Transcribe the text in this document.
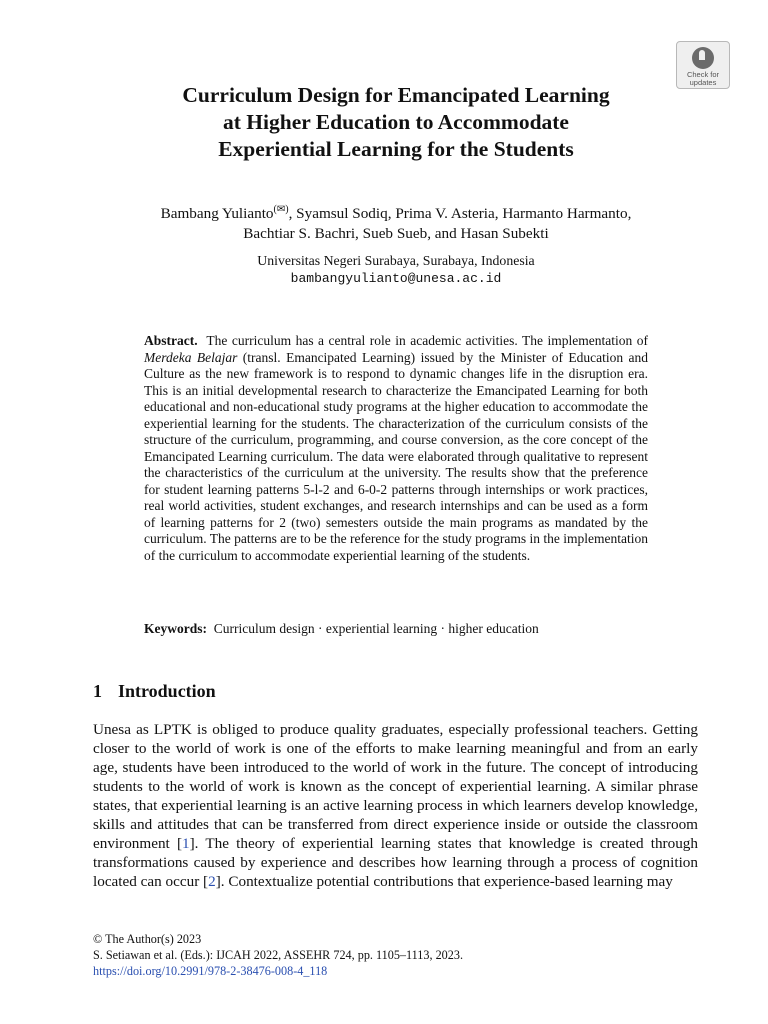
Check for
updates
Curriculum Design for Emancipated Learning
at Higher Education to Accommodate
Experiential Learning for the Students
Bambang Yulianto(✉), Syamsul Sodiq, Prima V. Asteria, Harmanto Harmanto,
Bachtiar S. Bachri, Sueb Sueb, and Hasan Subekti
Universitas Negeri Surabaya, Surabaya, Indonesia
bambangyulianto@unesa.ac.id

Abstract. The curriculum has a central role in academic activities. The implementation of Merdeka Belajar (transl. Emancipated Learning) issued by the Minister of Education and Culture as the new framework is to respond to dynamic changes life in the disruption era. This is an initial developmental research to characterize the Emancipated Learning for both educational and non-educational study programs at the higher education to accommodate the experiential learning for the students. The characterization of the curriculum consists of the structure of the curriculum, programming, and course conversion, as the core concept of the Emancipated Learning curriculum. The data were elaborated through qualitative to represent the characteristics of the curriculum at the university. The results show that the preference for student learning patterns 5-l-2 and 6-0-2 patterns through internships or work practices, real world activities, student exchanges, and research internships and can be used as a form of learning patterns for 2 (two) semesters outside the main programs as mandated by the curriculum. The patterns are to be the reference for the study programs in the implementation of the curriculum to accommodate experiential learning of the students.

Keywords: Curriculum design · experiential learning · higher education
1 Introduction

Unesa as LPTK is obliged to produce quality graduates, especially professional teachers. Getting closer to the world of work is one of the efforts to make learning meaningful and from an early age, students have been introduced to the world of work in the future. The concept of introducing students to the world of work is known as the concept of experiential learning. A similar phrase states, that experiential learning is an active learning process in which learners develop knowledge, skills and attitudes that can be transferred from direct experience inside or outside the classroom environment [1]. The theory of experiential learning states that knowledge is created through transformations caused by experience and describes how learning through a process of cognition located can occur [2]. Contextualize potential contributions that experience-based learning may

© The Author(s) 2023
S. Setiawan et al. (Eds.): IJCAH 2022, ASSEHR 724, pp. 1105–1113, 2023.
https://doi.org/10.2991/978-2-38476-008-4_118
